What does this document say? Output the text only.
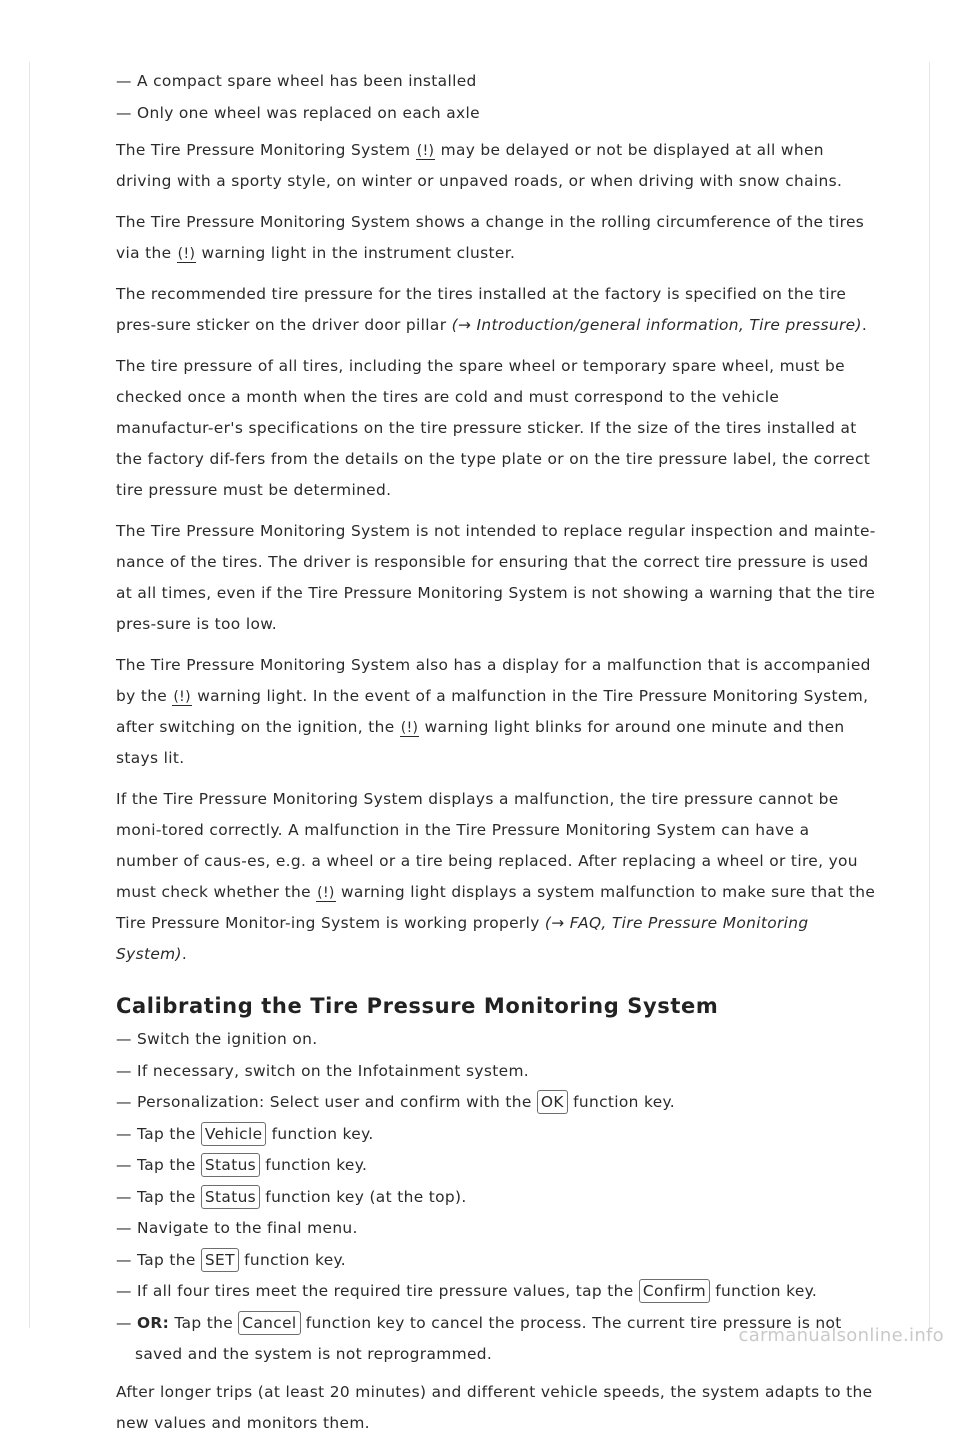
— A compact spare wheel has been installed
— Only one wheel was replaced on each axle

The Tire Pressure Monitoring System (!) may be delayed or not be displayed at all when driving with a sporty style, on winter or unpaved roads, or when driving with snow chains.

The Tire Pressure Monitoring System shows a change in the rolling circumference of the tires via the (!) warning light in the instrument cluster.

The recommended tire pressure for the tires installed at the factory is specified on the tire pres-sure sticker on the driver door pillar (→ Introduction/general information, Tire pressure).

The tire pressure of all tires, including the spare wheel or temporary spare wheel, must be checked once a month when the tires are cold and must correspond to the vehicle manufactur-er's specifications on the tire pressure sticker. If the size of the tires installed at the factory dif-fers from the details on the type plate or on the tire pressure label, the correct tire pressure must be determined.

The Tire Pressure Monitoring System is not intended to replace regular inspection and mainte-nance of the tires. The driver is responsible for ensuring that the correct tire pressure is used at all times, even if the Tire Pressure Monitoring System is not showing a warning that the tire pres-sure is too low.

The Tire Pressure Monitoring System also has a display for a malfunction that is accompanied by the (!) warning light. In the event of a malfunction in the Tire Pressure Monitoring System, after switching on the ignition, the (!) warning light blinks for around one minute and then stays lit.

If the Tire Pressure Monitoring System displays a malfunction, the tire pressure cannot be moni-tored correctly. A malfunction in the Tire Pressure Monitoring System can have a number of caus-es, e.g. a wheel or a tire being replaced. After replacing a wheel or tire, you must check whether the (!) warning light displays a system malfunction to make sure that the Tire Pressure Monitor-ing System is working properly (→ FAQ, Tire Pressure Monitoring System).

Calibrating the Tire Pressure Monitoring System
— Switch the ignition on.
— If necessary, switch on the Infotainment system.
— Personalization: Select user and confirm with the OK function key.
— Tap the Vehicle function key.
— Tap the Status function key.
— Tap the Status function key (at the top).
— Navigate to the final menu.
— Tap the SET function key.
— If all four tires meet the required tire pressure values, tap the Confirm function key.
— OR: Tap the Cancel function key to cancel the process. The current tire pressure is not saved and the system is not reprogrammed.

After longer trips (at least 20 minutes) and different vehicle speeds, the system adapts to the new values and monitors them.

carmanualsonline.info
